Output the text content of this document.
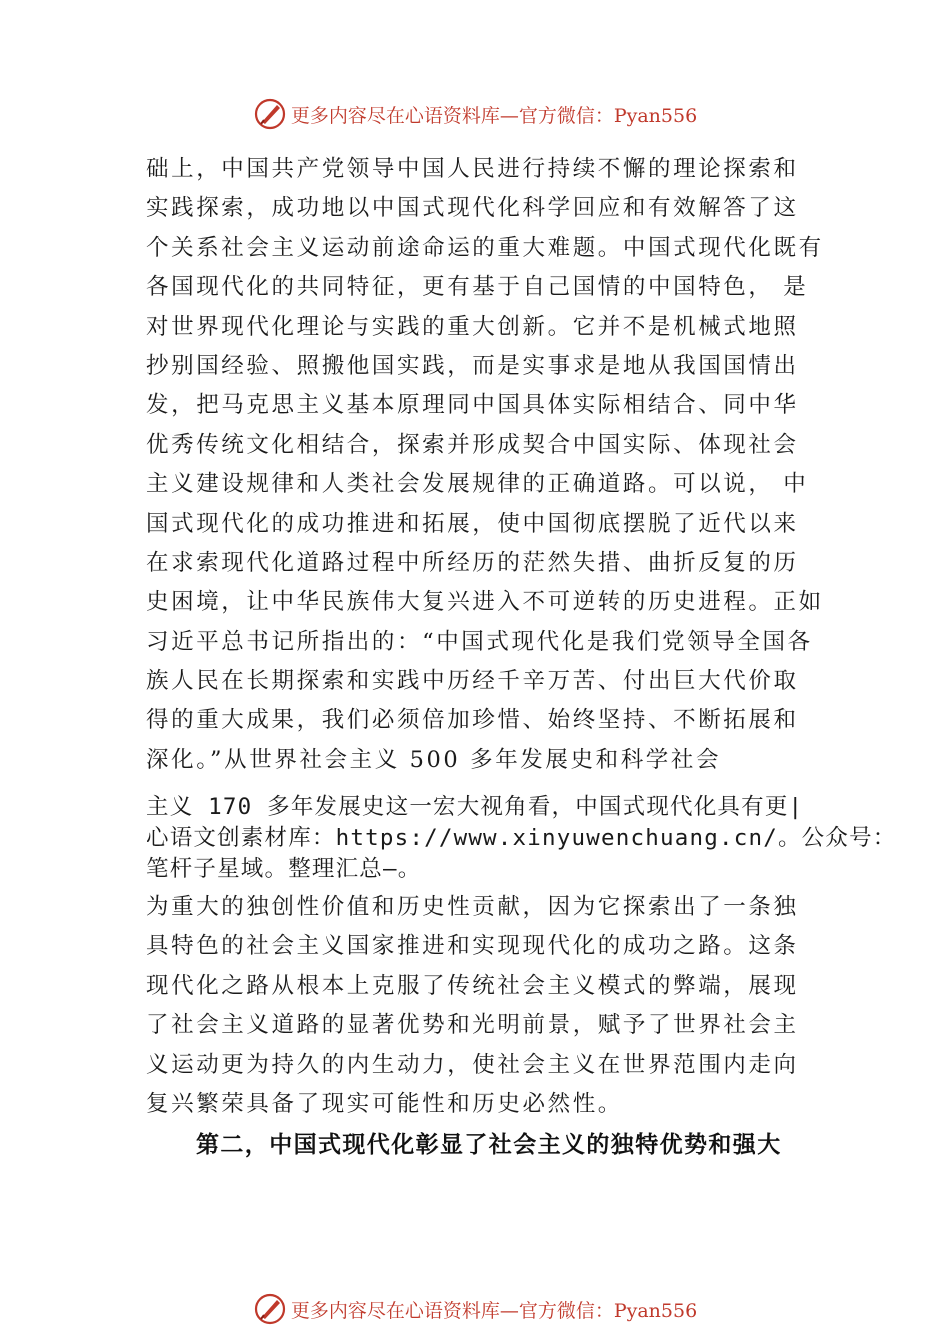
更多内容尽在心语资料库—官方微信：Pyan556
础上，中国共产党领导中国人民进行持续不懈的理论探索和
实践探索，成功地以中国式现代化科学回应和有效解答了这
个关系社会主义运动前途命运的重大难题。中国式现代化既有
各国现代化的共同特征，更有基于自己国情的中国特色， 是
对世界现代化理论与实践的重大创新。它并不是机械式地照
抄别国经验、照搬他国实践，而是实事求是地从我国国情出
发，把马克思主义基本原理同中国具体实际相结合、同中华
优秀传统文化相结合，探索并形成契合中国实际、体现社会
主义建设规律和人类社会发展规律的正确道路。可以说， 中
国式现代化的成功推进和拓展，使中国彻底摆脱了近代以来
在求索现代化道路过程中所经历的茫然失措、曲折反复的历
史困境，让中华民族伟大复兴进入不可逆转的历史进程。正如
习近平总书记所指出的：“中国式现代化是我们党领导全国各
族人民在长期探索和实践中历经千辛万苦、付出巨大代价取
得的重大成果，我们必须倍加珍惜、始终坚持、不断拓展和
深化。”从世界社会主义 500 多年发展史和科学社会
主义 170 多年发展史这一宏大视角看，中国式现代化具有更|
心语文创素材库：https://www.xinyuwenchuang.cn/。公众号：
笔杆子星域。整理汇总—。
为重大的独创性价值和历史性贡献，因为它探索出了一条独
具特色的社会主义国家推进和实现现代化的成功之路。这条
现代化之路从根本上克服了传统社会主义模式的弊端，展现
了社会主义道路的显著优势和光明前景，赋予了世界社会主
义运动更为持久的内生动力，使社会主义在世界范围内走向
复兴繁荣具备了现实可能性和历史必然性。
第二，中国式现代化彰显了社会主义的独特优势和强大
更多内容尽在心语资料库—官方微信：Pyan556
